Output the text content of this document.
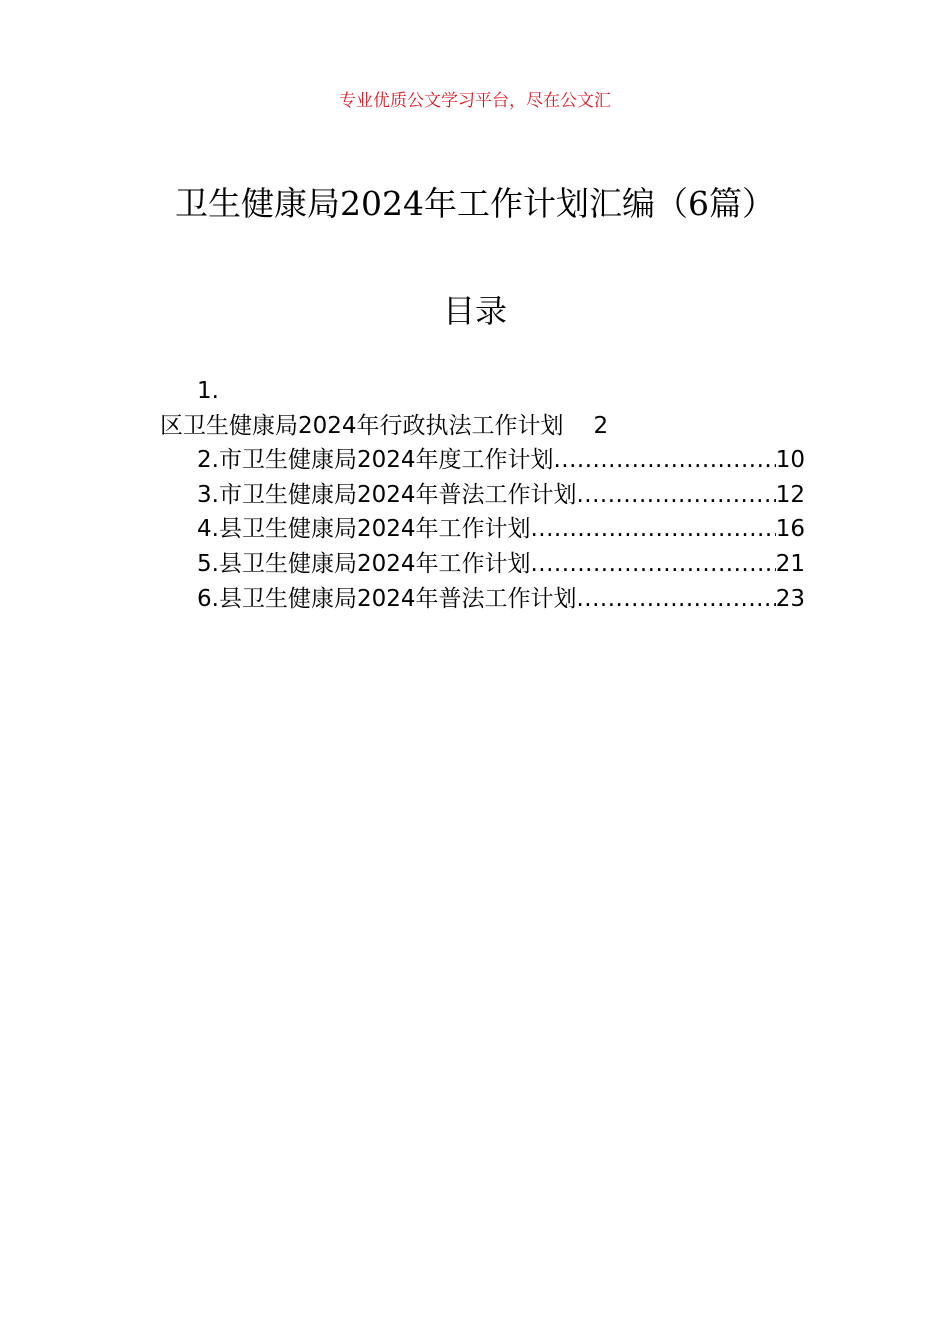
专业优质公文学习平台，尽在公文汇
卫生健康局2024年工作计划汇编（6篇）
目录
1.
区卫生健康局2024年行政执法工作计划 2
2.市卫生健康局2024年度工作计划 .....	10
3.市卫生健康局2024年普法工作计划 .....	12
4.县卫生健康局2024年工作计划 .....	16
5.县卫生健康局2024年工作计划 .....	21
6.县卫生健康局2024年普法工作计划 .....	23
